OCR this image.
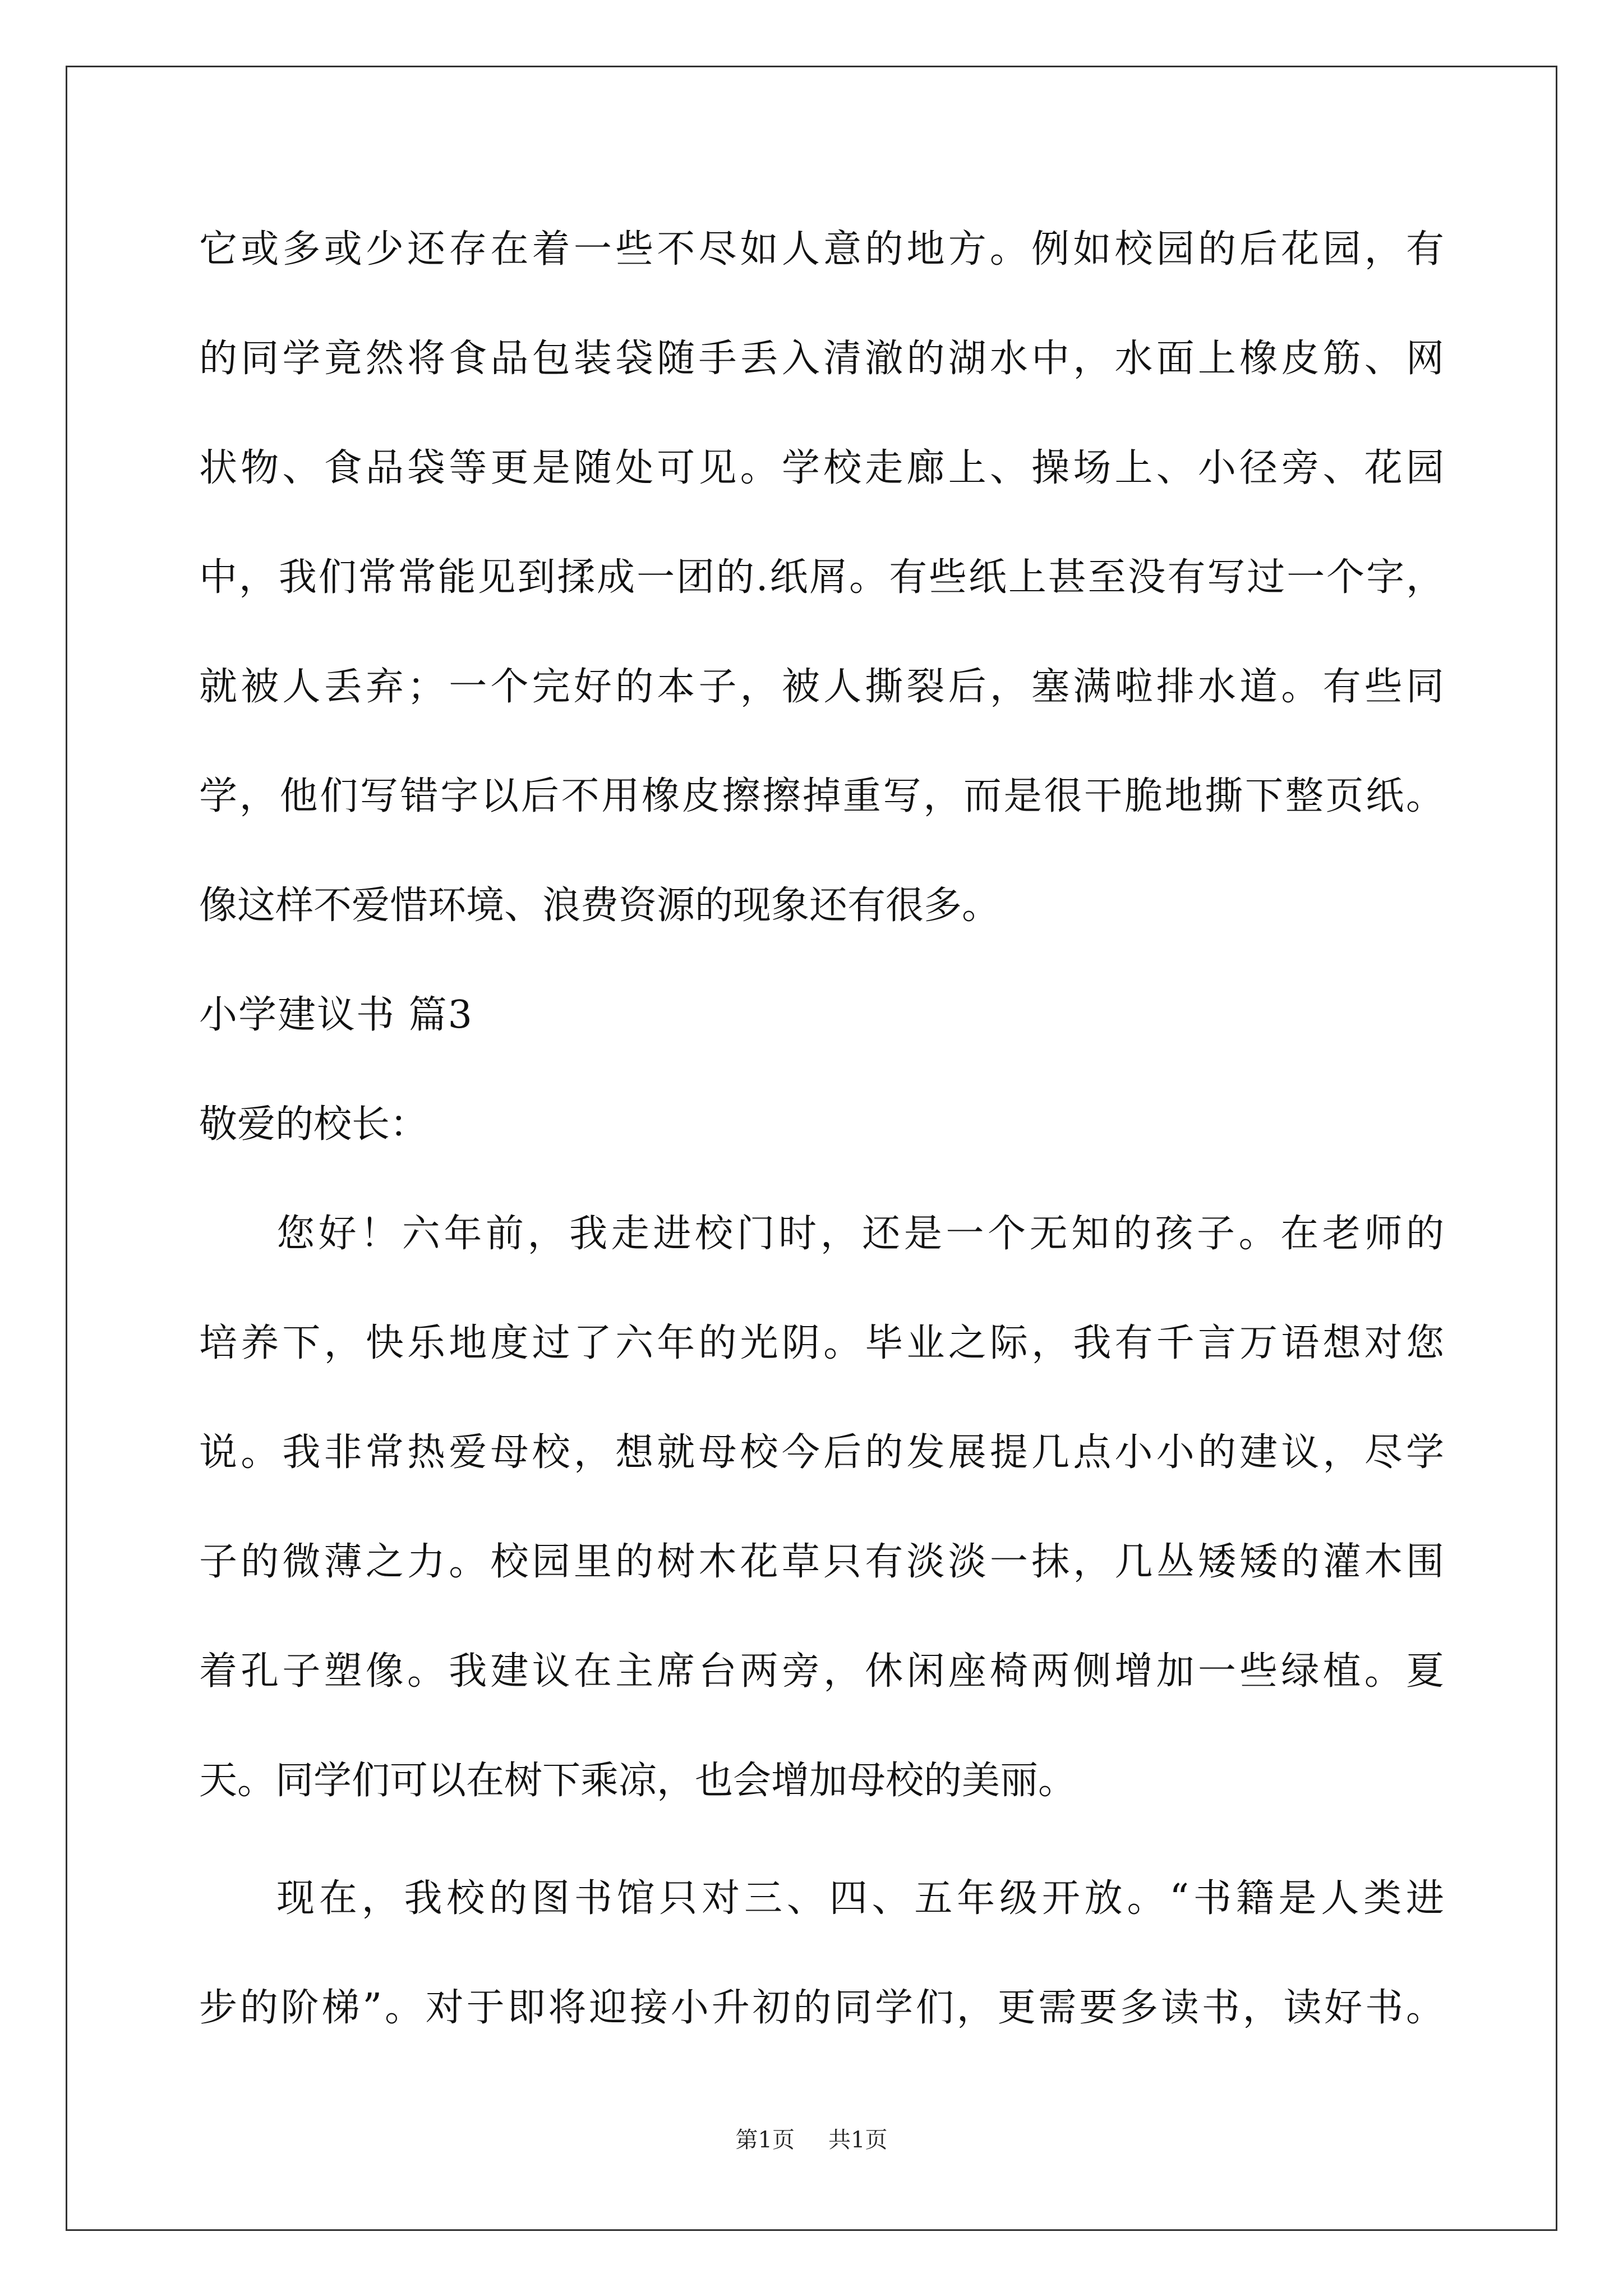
它或多或少还存在着一些不尽如人意的地方。例如校园的后花园，有
的同学竟然将食品包装袋随手丢入清澈的湖水中，水面上橡皮筋、网
状物、食品袋等更是随处可见。学校走廊上、操场上、小径旁、花园
中，我们常常能见到揉成一团的.纸屑。有些纸上甚至没有写过一个字，
就被人丢弃；一个完好的本子，被人撕裂后，塞满啦排水道。有些同
学，他们写错字以后不用橡皮擦擦掉重写，而是很干脆地撕下整页纸。
像这样不爱惜环境、浪费资源的现象还有很多。
小学建议书 篇3
敬爱的校长：
您好！六年前，我走进校门时，还是一个无知的孩子。在老师的
培养下，快乐地度过了六年的光阴。毕业之际，我有千言万语想对您
说。我非常热爱母校，想就母校今后的发展提几点小小的建议，尽学
子的微薄之力。校园里的树木花草只有淡淡一抹，几丛矮矮的灌木围
着孔子塑像。我建议在主席台两旁，休闲座椅两侧增加一些绿植。夏
天。同学们可以在树下乘凉，也会增加母校的美丽。
现在，我校的图书馆只对三、四、五年级开放。“书籍是人类进
步的阶梯”。对于即将迎接小升初的同学们，更需要多读书，读好书。
第1页 共1页
